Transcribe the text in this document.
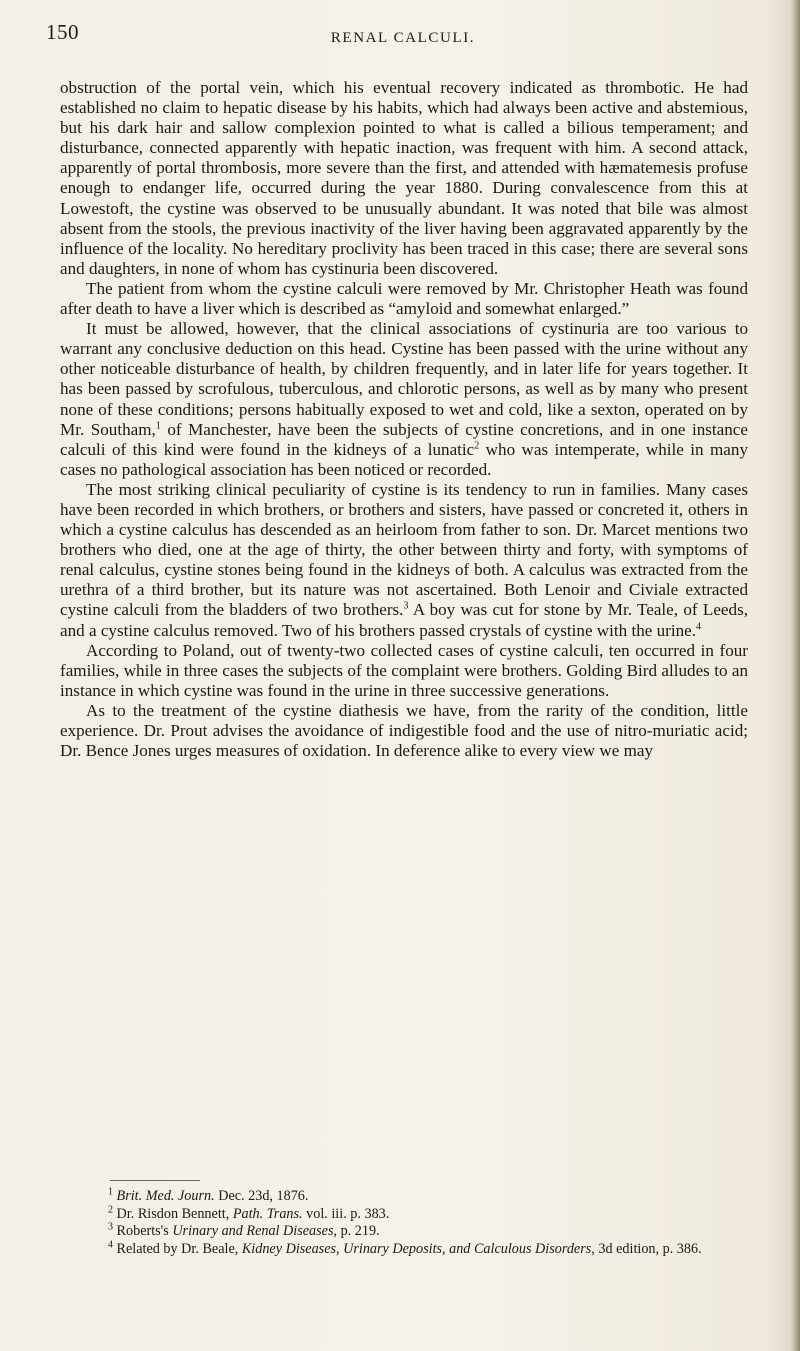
150	RENAL CALCULI.

obstruction of the portal vein, which his eventual recovery indicated as thrombotic. He had established no claim to hepatic disease by his habits, which had always been active and abstemious, but his dark hair and sallow complexion pointed to what is called a bilious temperament; and disturbance, connected apparently with hepatic inaction, was frequent with him. A second attack, apparently of portal thrombosis, more severe than the first, and attended with hæmatemesis profuse enough to endanger life, occurred during the year 1880. During convalescence from this at Lowestoft, the cystine was observed to be unusually abundant. It was noted that bile was almost absent from the stools, the previous inactivity of the liver having been aggravated apparently by the influence of the locality. No hereditary proclivity has been traced in this case; there are several sons and daughters, in none of whom has cystinuria been discovered.

The patient from whom the cystine calculi were removed by Mr. Christopher Heath was found after death to have a liver which is described as “amyloid and somewhat enlarged.”

It must be allowed, however, that the clinical associations of cystinuria are too various to warrant any conclusive deduction on this head. Cystine has been passed with the urine without any other noticeable disturbance of health, by children frequently, and in later life for years together. It has been passed by scrofulous, tuberculous, and chlorotic persons, as well as by many who present none of these conditions; persons habitually exposed to wet and cold, like a sexton, operated on by Mr. Southam,$^1$ of Manchester, have been the subjects of cystine concretions, and in one instance calculi of this kind were found in the kidneys of a lunatic$^2$ who was intemperate, while in many cases no pathological association has been noticed or recorded.

The most striking clinical peculiarity of cystine is its tendency to run in families. Many cases have been recorded in which brothers, or brothers and sisters, have passed or concreted it, others in which a cystine calculus has descended as an heirloom from father to son. Dr. Marcet mentions two brothers who died, one at the age of thirty, the other between thirty and forty, with symptoms of renal calculus, cystine stones being found in the kidneys of both. A calculus was extracted from the urethra of a third brother, but its nature was not ascertained. Both Lenoir and Civiale extracted cystine calculi from the bladders of two brothers.$^3$ A boy was cut for stone by Mr. Teale, of Leeds, and a cystine calculus removed. Two of his brothers passed crystals of cystine with the urine.$^4$

According to Poland, out of twenty-two collected cases of cystine calculi, ten occurred in four families, while in three cases the subjects of the complaint were brothers. Golding Bird alludes to an instance in which cystine was found in the urine in three successive generations.

As to the treatment of the cystine diathesis we have, from the rarity of the condition, little experience. Dr. Prout advises the avoidance of indigestible food and the use of nitro-muriatic acid; Dr. Bence Jones urges measures of oxidation. In deference alike to every view we may

$^1$ Brit. Med. Journ. Dec. 23d, 1876.

$^2$ Dr. Risdon Bennett, Path. Trans. vol. iii. p. 383.

$^3$ Roberts's Urinary and Renal Diseases, p. 219.

$^4$ Related by Dr. Beale, Kidney Diseases, Urinary Deposits, and Calculous Disorders, 3d edition, p. 386.
